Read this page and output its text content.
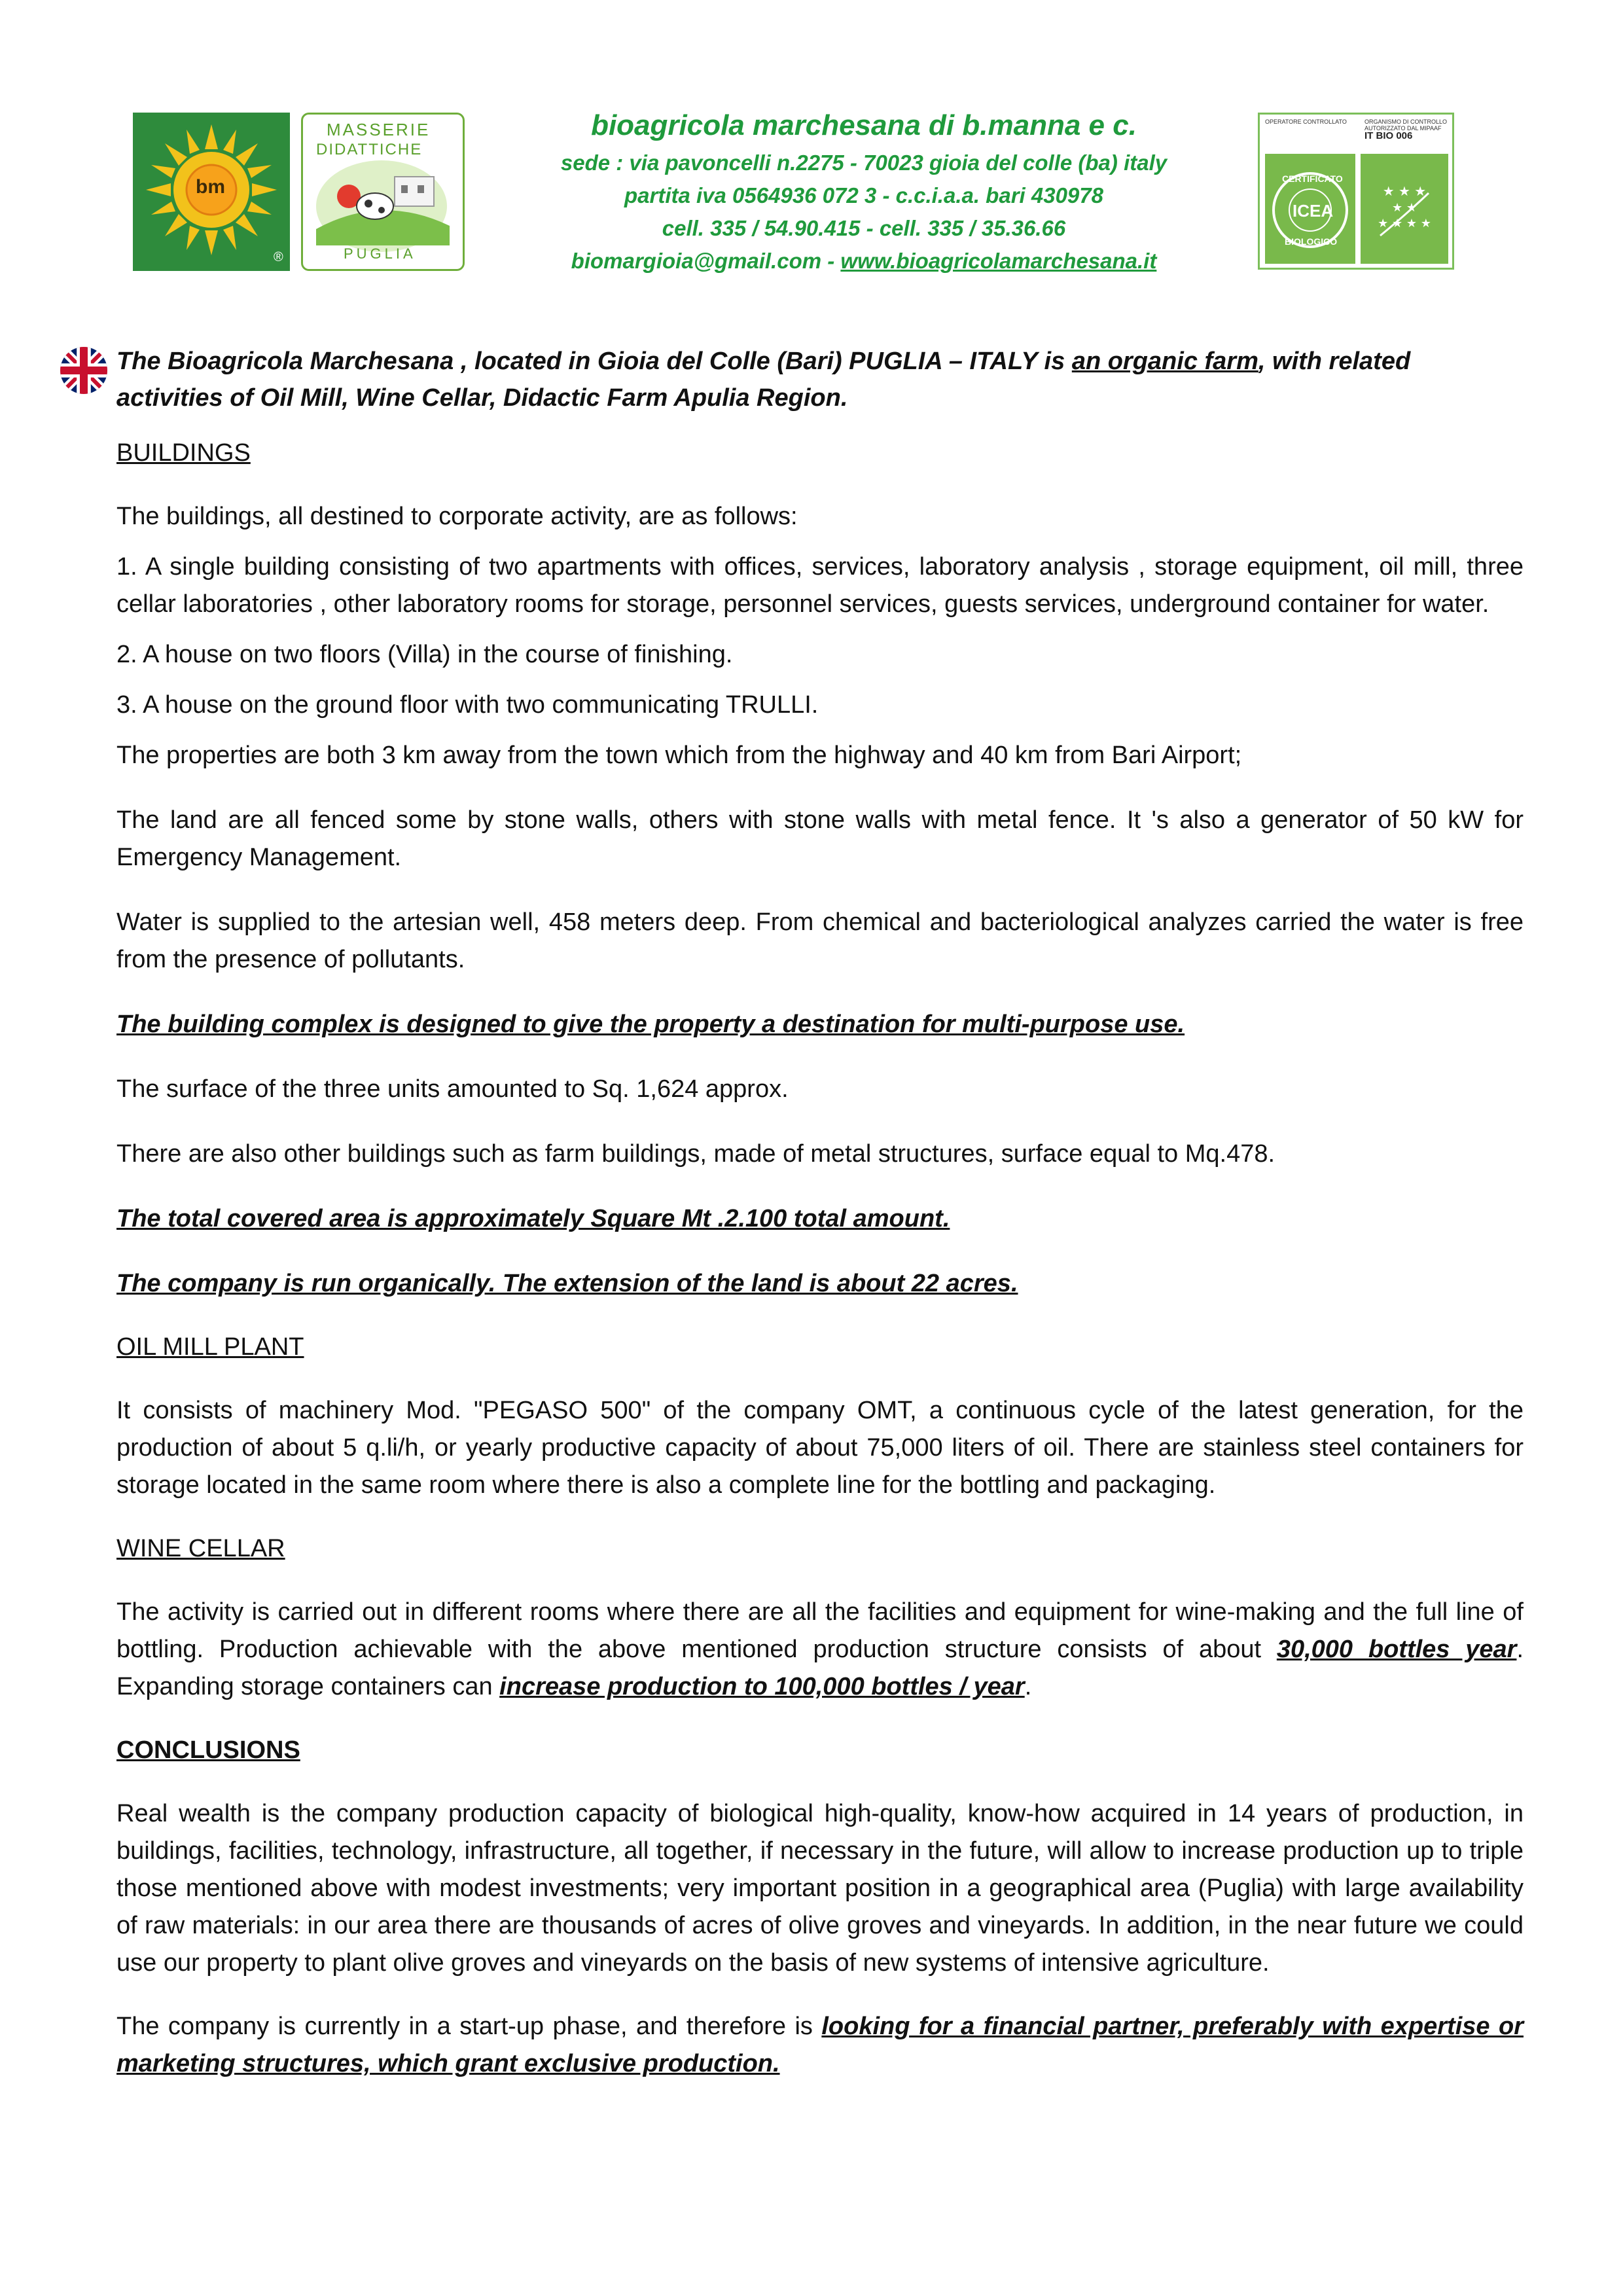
bm
®
MASSERIE
DIDATTICHE
PUGLIA
bioagricola marchesana di b.manna e c.
sede : via pavoncelli n.2275 - 70023 gioia del colle (ba) italy
partita iva 0564936 072 3 - c.c.i.a.a. bari 430978
cell. 335 / 54.90.415 - cell. 335 / 35.36.66
biomargioia@gmail.com - www.bioagricolamarchesana.it
OPERATORE CONTROLLATO	ORGANISMO DI CONTROLLO AUTORIZZATO DAL MIPAAF
IT BIO 006
CERTIFICATO
ICEA
BIOLOGICO
★ ★ ★
★ ★
★ ★ ★ ★
The Bioagricola Marchesana , located in Gioia del Colle (Bari) PUGLIA – ITALY is an organic farm, with related activities of Oil Mill, Wine Cellar, Didactic Farm Apulia Region.

BUILDINGS

The buildings, all destined to corporate activity, are as follows:

1. A single building consisting of two apartments with offices, services, laboratory analysis , storage equipment, oil mill, three cellar laboratories , other laboratory rooms for storage, personnel services, guests services, underground container for water.

2. A house on two floors (Villa) in the course of finishing.

3. A house on the ground floor with two communicating TRULLI.

The properties are both 3 km away from the town which from the highway and 40 km from Bari Airport;

The land are all fenced some by stone walls, others with stone walls with metal fence. It 's also a generator of 50 kW for Emergency Management.

Water is supplied to the artesian well, 458 meters deep. From chemical and bacteriological analyzes carried the water is free from the presence of pollutants.

The building complex is designed to give the property a destination for multi-purpose use.

The surface of the three units amounted to Sq. 1,624 approx.

There are also other buildings such as farm buildings, made of metal structures, surface equal to Mq.478.

The total covered area is approximately Square Mt .2.100 total amount.

The company is run organically. The extension of the land is about 22 acres.

OIL MILL PLANT

It consists of machinery Mod. "PEGASO 500" of the company OMT, a continuous cycle of the latest generation, for the production of about 5 q.li/h, or yearly productive capacity of about 75,000 liters of oil. There are stainless steel containers for storage located in the same room where there is also a complete line for the bottling and packaging.

WINE CELLAR

The activity is carried out in different rooms where there are all the facilities and equipment for wine-making and the full line of bottling. Production achievable with the above mentioned production structure consists of about 30,000 bottles year. Expanding storage containers can increase production to 100,000 bottles / year.

CONCLUSIONS

Real wealth is the company production capacity of biological high-quality, know-how acquired in 14 years of production, in buildings, facilities, technology, infrastructure, all together, if necessary in the future, will allow to increase production up to triple those mentioned above with modest investments; very important position in a geographical area (Puglia) with large availability of raw materials: in our area there are thousands of acres of olive groves and vineyards. In addition, in the near future we could use our property to plant olive groves and vineyards on the basis of new systems of intensive agriculture.

The company is currently in a start-up phase, and therefore is looking for a financial partner, preferably with expertise or marketing structures, which grant exclusive production.
